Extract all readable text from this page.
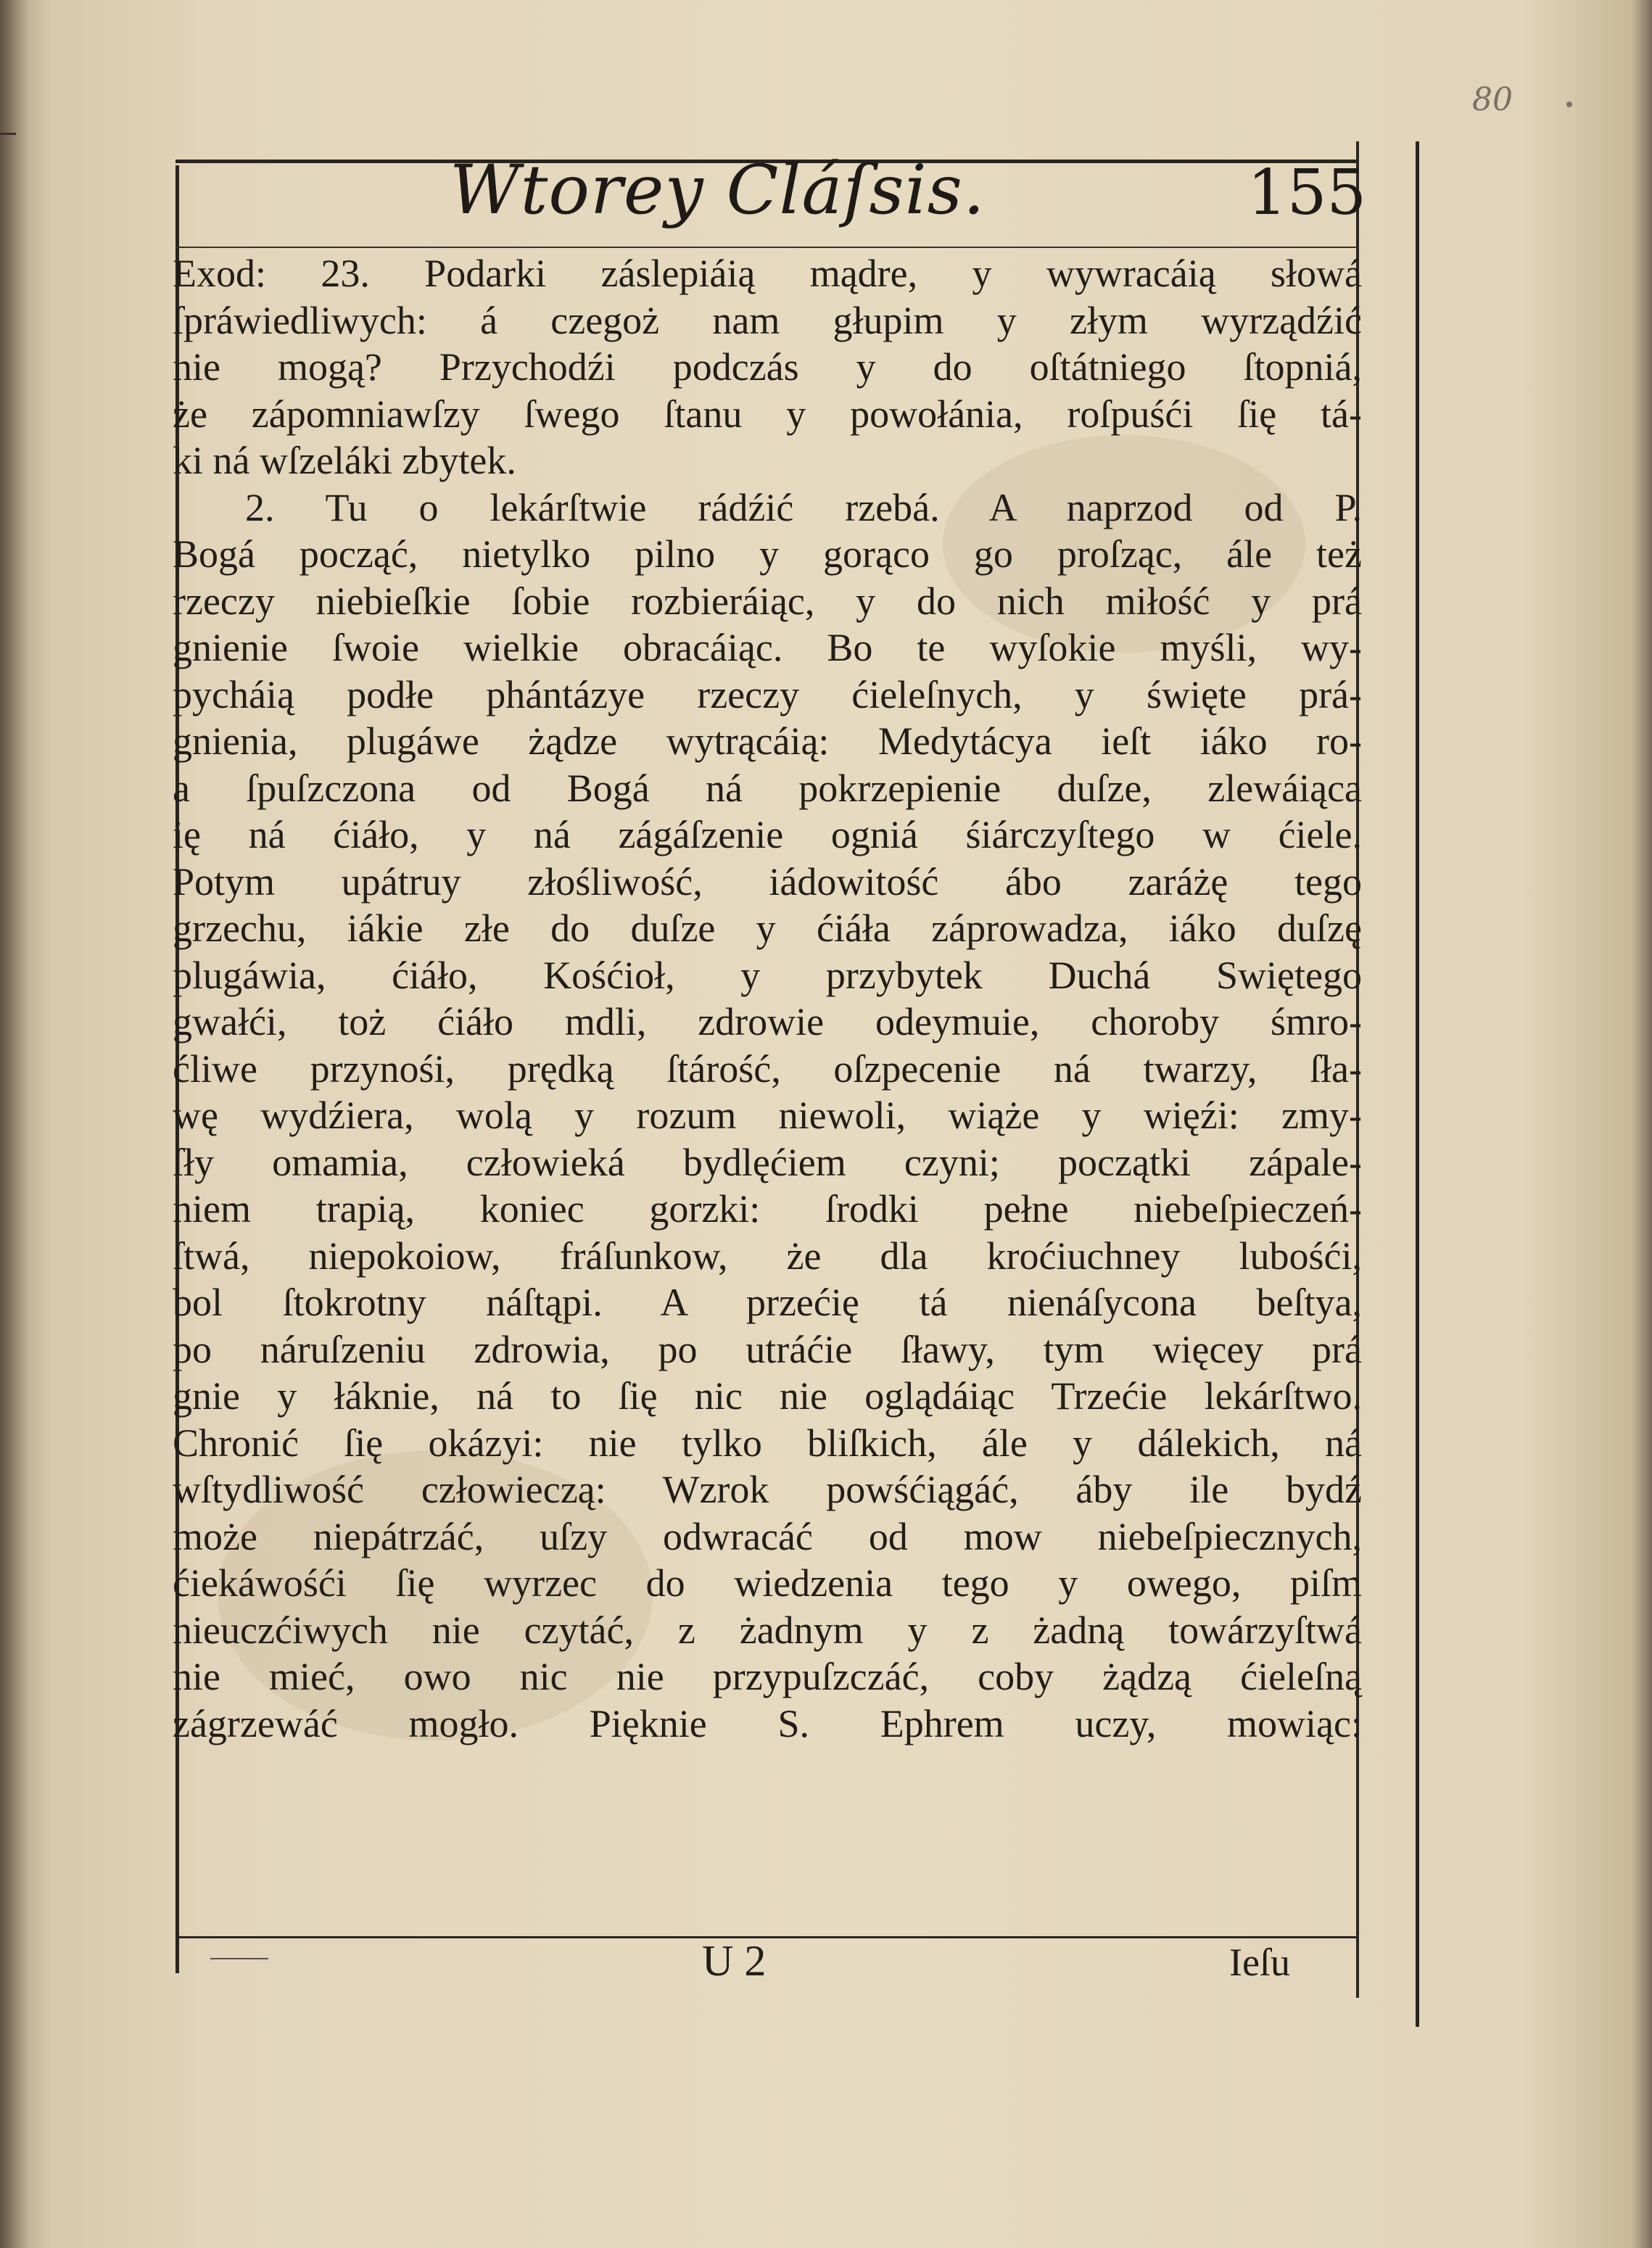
80
Wtorey Cláſsis.	155
Exod: 23. Podarki záslepiáią mądre, y wywracáią słowá
ſpráwiedliwych: á czegoż nam głupim y złym wyrządźić
nie mogą? Przychodźi podczás y do oſtátniego ſtopniá,
że zápomniawſzy ſwego ſtanu y powołánia, roſpuśći ſię tá-
ki ná wſzeláki zbytek.
2. Tu o lekárſtwie rádźić rzebá. A naprzod od P.
Bogá począć, nietylko pilno y gorąco go proſząc, ále też
rzeczy niebieſkie ſobie rozbieráiąc, y do nich miłość y prá
gnienie ſwoie wielkie obracáiąc. Bo te wyſokie myśli, wy-
pycháią podłe phántázye rzeczy ćieleſnych, y święte prá-
gnienia, plugáwe żądze wytrącáią: Medytácya ieſt iáko ro-
a ſpuſzczona od Bogá ná pokrzepienie duſze, zlewáiąca
ię ná ćiáło, y ná zágáſzenie ogniá śiárczyſtego w ćiele.
Potym upátruy złośliwość, iádowitość ábo zaráżę tego
grzechu, iákie złe do duſze y ćiáła záprowadza, iáko duſzę
plugáwia, ćiáło, Kośćioł, y przybytek Duchá Swiętego
gwałći, toż ćiáło mdli, zdrowie odeymuie, choroby śmro-
ćliwe przynośi, prędką ſtárość, oſzpecenie ná twarzy, ſła-
wę wydźiera, wolą y rozum niewoli, wiąże y więźi: zmy-
ſły omamia, człowieká bydlęćiem czyni; początki zápale-
niem trapią, koniec gorzki: ſrodki pełne niebeſpieczeń-
ſtwá, niepokoiow, fráſunkow, że dla krоćiuchney lubośći,
bol ſtokrotny náſtąpi. A przećię tá nienáſycona beſtya,
po náruſzeniu zdrowia, po utráćie ſławy, tym więcey prá
gnie y łáknie, ná to ſię nic nie oglądáiąc Trzećie lekárſtwo.
Chronić ſię okázyi: nie tylko bliſkich, ále y dálekich, ná
wſtydliwość człowieczą: Wzrok powśćiągáć, áby ile bydź
może niepátrzáć, uſzy odwracáć od mow niebeſpiecznych,
ćiekáwośći ſię wyrzec do wiedzenia tego y owego, piſm
nieuczćiwych nie czytáć, z żadnym y z żadną towárzyſtwá
nie mieć, owo nic nie przypuſzczáć, coby żądzą ćieleſną
zágrzewáć mogło. Pięknie S. Ephrem uczy, mowiąc:
U 2	Ieſu
